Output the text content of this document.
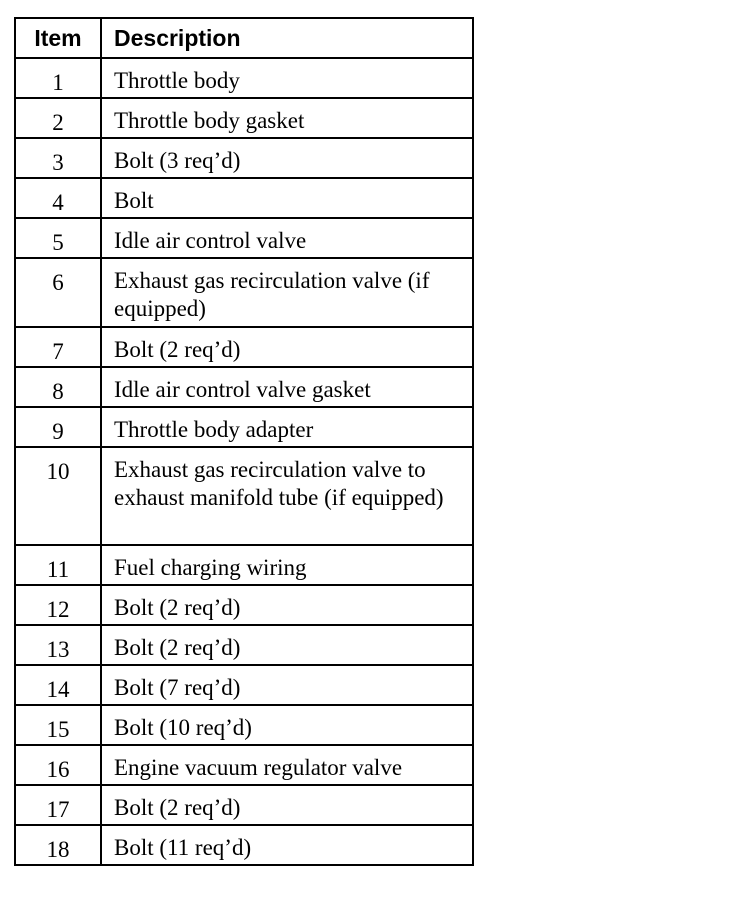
Item	Description
1	Throttle body
2	Throttle body gasket
3	Bolt (3 req’d)
4	Bolt
5	Idle air control valve
6	Exhaust gas recirculation valve (if equipped)
7	Bolt (2 req’d)
8	Idle air control valve gasket
9	Throttle body adapter
10	Exhaust gas recirculation valve to exhaust manifold tube (if equipped)
11	Fuel charging wiring
12	Bolt (2 req’d)
13	Bolt (2 req’d)
14	Bolt (7 req’d)
15	Bolt (10 req’d)
16	Engine vacuum regulator valve
17	Bolt (2 req’d)
18	Bolt (11 req’d)
